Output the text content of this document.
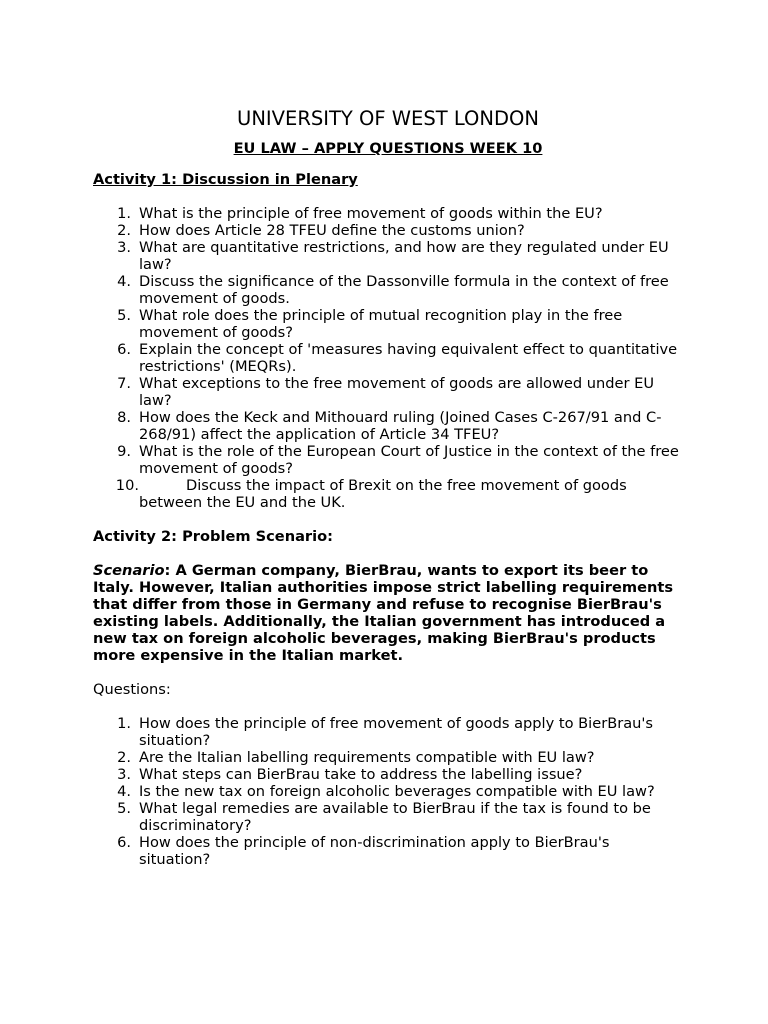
UNIVERSITY OF WEST LONDON
EU LAW – APPLY QUESTIONS WEEK 10
Activity 1: Discussion in Plenary
1. What is the principle of free movement of goods within the EU?
2. How does Article 28 TFEU define the customs union?
3. What are quantitative restrictions, and how are they regulated under EU law?
4. Discuss the significance of the Dassonville formula in the context of free movement of goods.
5. What role does the principle of mutual recognition play in the free movement of goods?
6. Explain the concept of 'measures having equivalent effect to quantitative restrictions' (MEQRs).
7. What exceptions to the free movement of goods are allowed under EU law?
8. How does the Keck and Mithouard ruling (Joined Cases C-267/91 and C-268/91) affect the application of Article 34 TFEU?
9. What is the role of the European Court of Justice in the context of the free movement of goods?
10.	Discuss the impact of Brexit on the free movement of goods
between the EU and the UK.
Activity 2: Problem Scenario:
Scenario: A German company, BierBrau, wants to export its beer to Italy. However, Italian authorities impose strict labelling requirements that differ from those in Germany and refuse to recognise BierBrau's existing labels. Additionally, the Italian government has introduced a new tax on foreign alcoholic beverages, making BierBrau's products more expensive in the Italian market.
Questions:
1. How does the principle of free movement of goods apply to BierBrau's situation?
2. Are the Italian labelling requirements compatible with EU law?
3. What steps can BierBrau take to address the labelling issue?
4. Is the new tax on foreign alcoholic beverages compatible with EU law?
5. What legal remedies are available to BierBrau if the tax is found to be discriminatory?
6. How does the principle of non-discrimination apply to BierBrau's situation?
